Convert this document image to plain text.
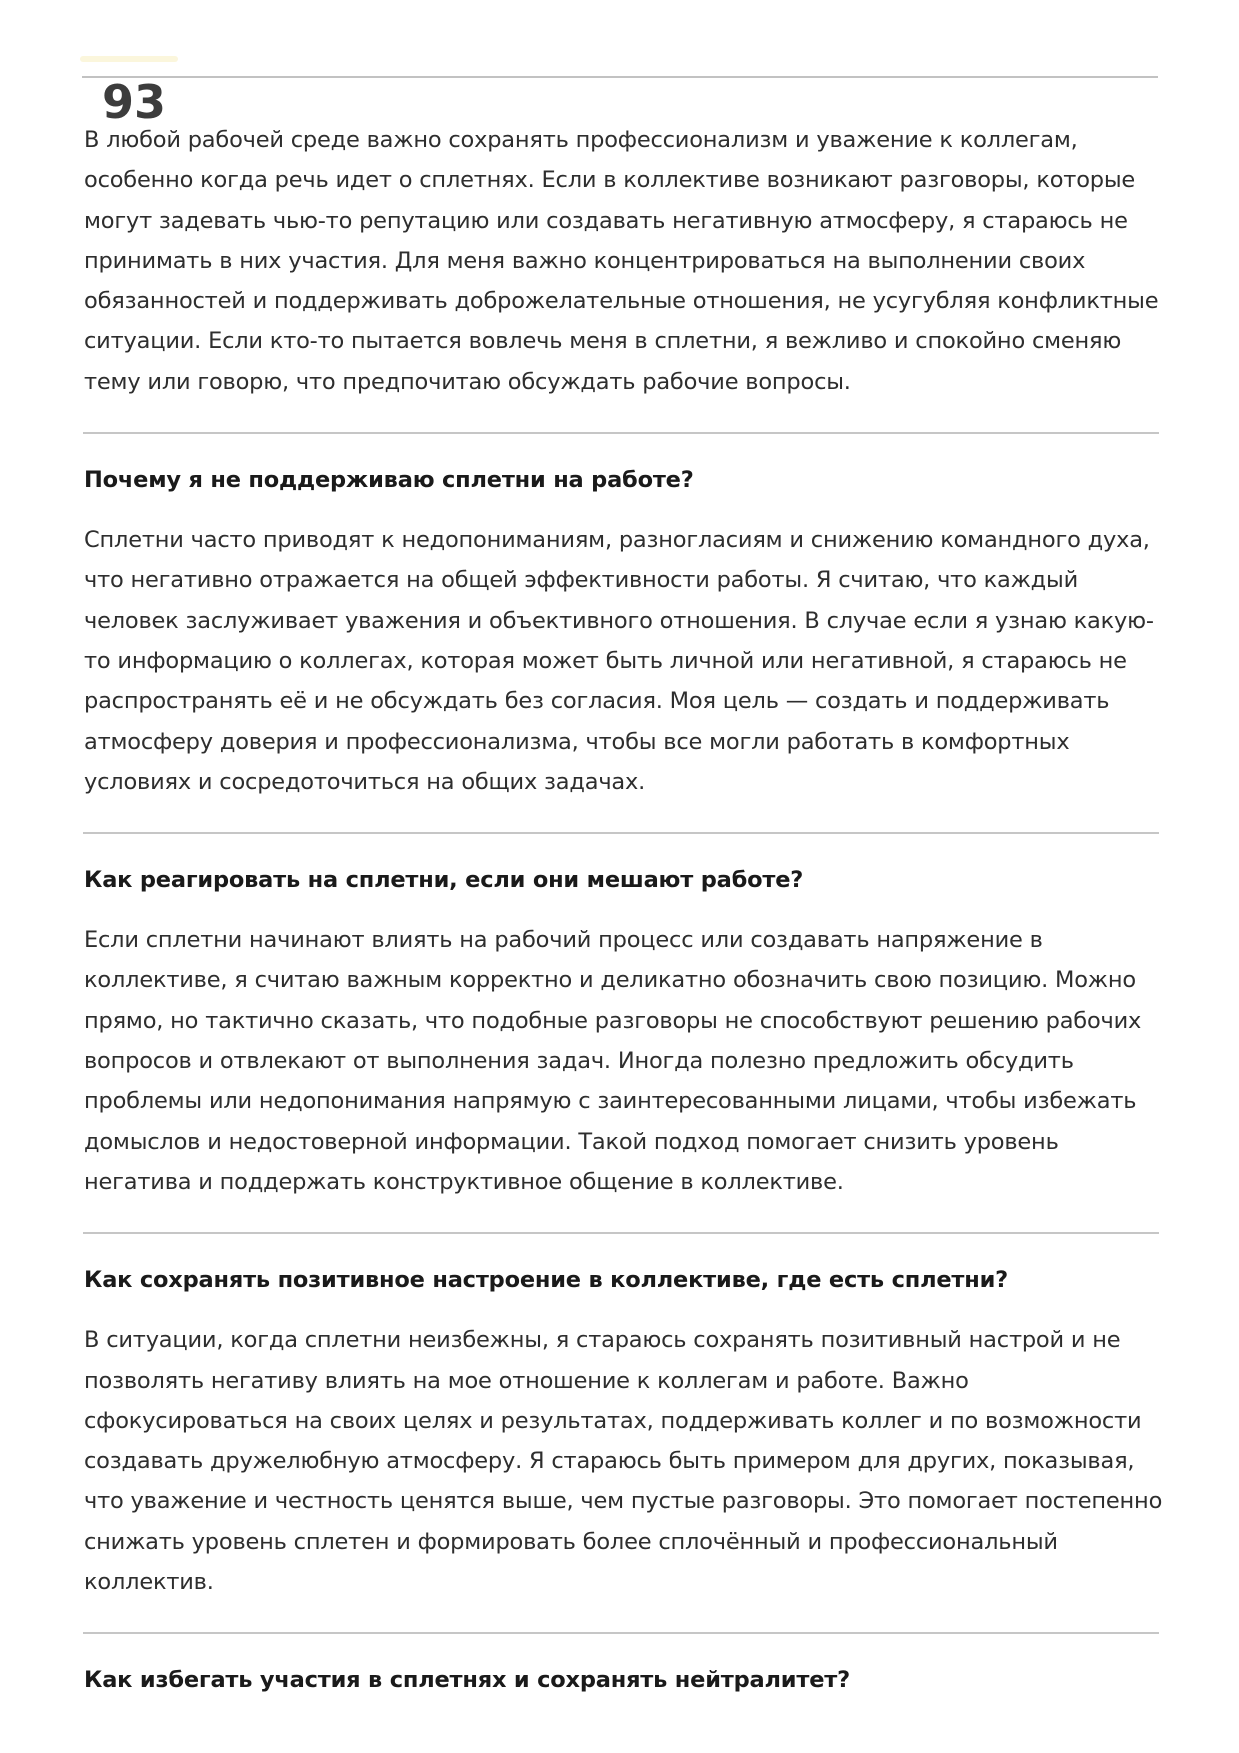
93

В любой рабочей среде важно сохранять профессионализм и уважение к коллегам, особенно когда речь идет о сплетнях. Если в коллективе возникают разговоры, которые могут задевать чью-то репутацию или создавать негативную атмосферу, я стараюсь не принимать в них участия. Для меня важно концентрироваться на выполнении своих обязанностей и поддерживать доброжелательные отношения, не усугубляя конфликтные ситуации. Если кто-то пытается вовлечь меня в сплетни, я вежливо и спокойно сменяю тему или говорю, что предпочитаю обсуждать рабочие вопросы.

Почему я не поддерживаю сплетни на работе?

Сплетни часто приводят к недопониманиям, разногласиям и снижению командного духа, что негативно отражается на общей эффективности работы. Я считаю, что каждый человек заслуживает уважения и объективного отношения. В случае если я узнаю какую-то информацию о коллегах, которая может быть личной или негативной, я стараюсь не распространять её и не обсуждать без согласия. Моя цель — создать и поддерживать атмосферу доверия и профессионализма, чтобы все могли работать в комфортных условиях и сосредоточиться на общих задачах.

Как реагировать на сплетни, если они мешают работе?

Если сплетни начинают влиять на рабочий процесс или создавать напряжение в коллективе, я считаю важным корректно и деликатно обозначить свою позицию. Можно прямо, но тактично сказать, что подобные разговоры не способствуют решению рабочих вопросов и отвлекают от выполнения задач. Иногда полезно предложить обсудить проблемы или недопонимания напрямую с заинтересованными лицами, чтобы избежать домыслов и недостоверной информации. Такой подход помогает снизить уровень негатива и поддержать конструктивное общение в коллективе.

Как сохранять позитивное настроение в коллективе, где есть сплетни?

В ситуации, когда сплетни неизбежны, я стараюсь сохранять позитивный настрой и не позволять негативу влиять на мое отношение к коллегам и работе. Важно сфокусироваться на своих целях и результатах, поддерживать коллег и по возможности создавать дружелюбную атмосферу. Я стараюсь быть примером для других, показывая, что уважение и честность ценятся выше, чем пустые разговоры. Это помогает постепенно снижать уровень сплетен и формировать более сплочённый и профессиональный коллектив.

Как избегать участия в сплетнях и сохранять нейтралитет?
